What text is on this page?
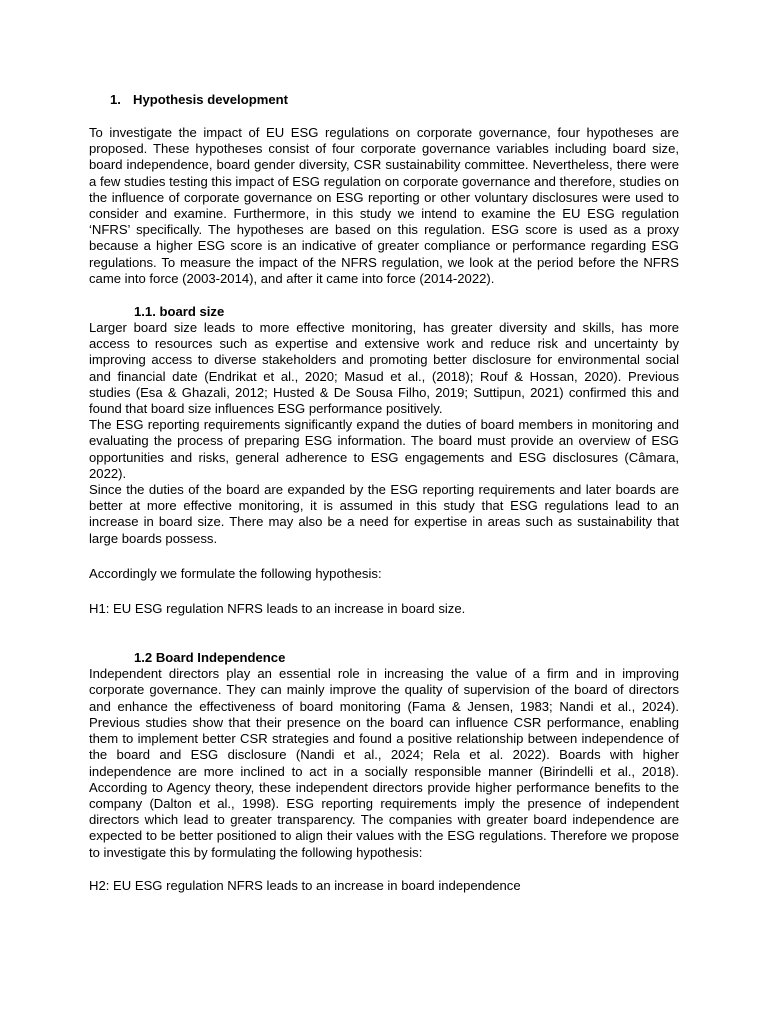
1. Hypothesis development

To investigate the impact of EU ESG regulations on corporate governance, four hypotheses are proposed. These hypotheses consist of four corporate governance variables including board size, board independence, board gender diversity, CSR sustainability committee. Nevertheless, there were a few studies testing this impact of ESG regulation on corporate governance and therefore, studies on the influence of corporate governance on ESG reporting or other voluntary disclosures were used to consider and examine. Furthermore, in this study we intend to examine the EU ESG regulation ‘NFRS’ specifically. The hypotheses are based on this regulation. ESG score is used as a proxy because a higher ESG score is an indicative of greater compliance or performance regarding ESG regulations. To measure the impact of the NFRS regulation, we look at the period before the NFRS came into force (2003-2014), and after it came into force (2014-2022).

1.1. board size

Larger board size leads to more effective monitoring, has greater diversity and skills, has more access to resources such as expertise and extensive work and reduce risk and uncertainty by improving access to diverse stakeholders and promoting better disclosure for environmental social and financial date (Endrikat et al., 2020; Masud et al., (2018); Rouf & Hossan, 2020). Previous studies (Esa & Ghazali, 2012; Husted & De Sousa Filho, 2019; Suttipun, 2021) confirmed this and found that board size influences ESG performance positively.

The ESG reporting requirements significantly expand the duties of board members in monitoring and evaluating the process of preparing ESG information. The board must provide an overview of ESG opportunities and risks, general adherence to ESG engagements and ESG disclosures (Câmara, 2022).

Since the duties of the board are expanded by the ESG reporting requirements and later boards are better at more effective monitoring, it is assumed in this study that ESG regulations lead to an increase in board size. There may also be a need for expertise in areas such as sustainability that large boards possess.

Accordingly we formulate the following hypothesis:

H1: EU ESG regulation NFRS leads to an increase in board size.

1.2 Board Independence

Independent directors play an essential role in increasing the value of a firm and in improving corporate governance. They can mainly improve the quality of supervision of the board of directors and enhance the effectiveness of board monitoring (Fama & Jensen, 1983; Nandi et al., 2024). Previous studies show that their presence on the board can influence CSR performance, enabling them to implement better CSR strategies and found a positive relationship between independence of the board and ESG disclosure (Nandi et al., 2024; Rela et al. 2022). Boards with higher independence are more inclined to act in a socially responsible manner (Birindelli et al., 2018). According to Agency theory, these independent directors provide higher performance benefits to the company (Dalton et al., 1998). ESG reporting requirements imply the presence of independent directors which lead to greater transparency. The companies with greater board independence are expected to be better positioned to align their values with the ESG regulations. Therefore we propose to investigate this by formulating the following hypothesis:

H2: EU ESG regulation NFRS leads to an increase in board independence
